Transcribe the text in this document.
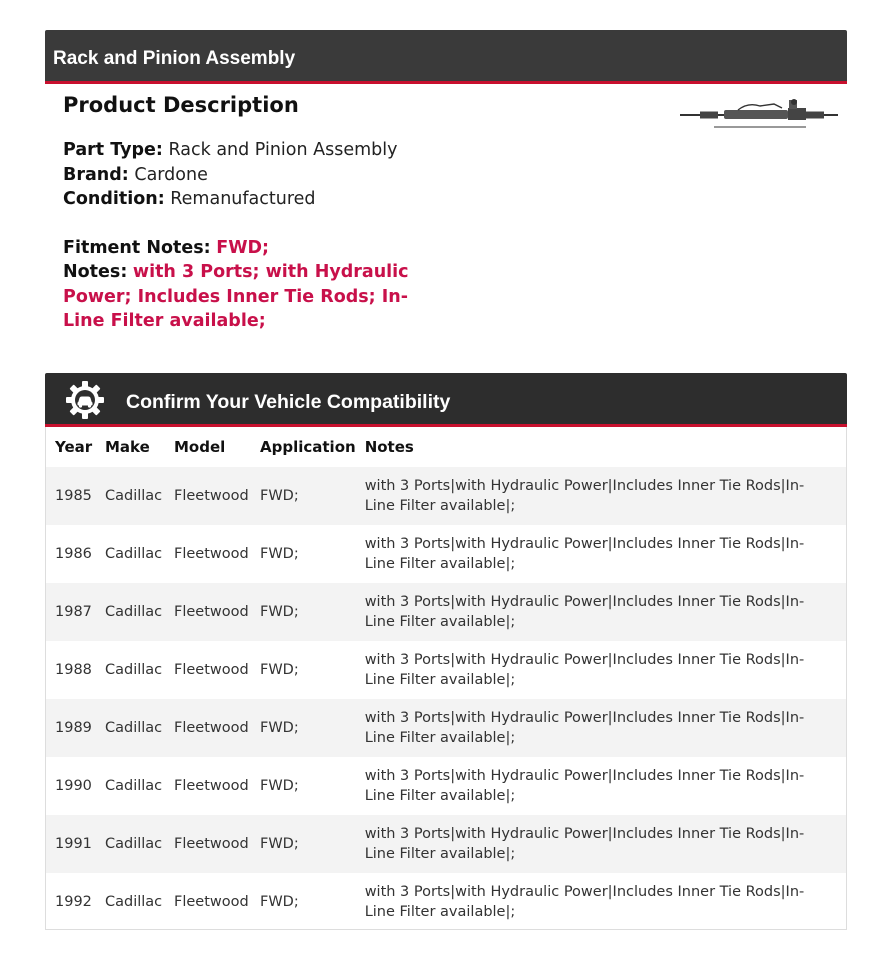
Rack and Pinion Assembly
Product Description
Part Type: Rack and Pinion Assembly
Brand: Cardone
Condition: Remanufactured
Fitment Notes: FWD;
Notes: with 3 Ports; with Hydraulic Power; Includes Inner Tie Rods; In-Line Filter available;
Confirm Your Vehicle Compatibility
Year	Make	Model	Application	Notes
1985	Cadillac	Fleetwood	FWD;	with 3 Ports|with Hydraulic Power|Includes Inner Tie Rods|In-Line Filter available|;
1986	Cadillac	Fleetwood	FWD;	with 3 Ports|with Hydraulic Power|Includes Inner Tie Rods|In-Line Filter available|;
1987	Cadillac	Fleetwood	FWD;	with 3 Ports|with Hydraulic Power|Includes Inner Tie Rods|In-Line Filter available|;
1988	Cadillac	Fleetwood	FWD;	with 3 Ports|with Hydraulic Power|Includes Inner Tie Rods|In-Line Filter available|;
1989	Cadillac	Fleetwood	FWD;	with 3 Ports|with Hydraulic Power|Includes Inner Tie Rods|In-Line Filter available|;
1990	Cadillac	Fleetwood	FWD;	with 3 Ports|with Hydraulic Power|Includes Inner Tie Rods|In-Line Filter available|;
1991	Cadillac	Fleetwood	FWD;	with 3 Ports|with Hydraulic Power|Includes Inner Tie Rods|In-Line Filter available|;
1992	Cadillac	Fleetwood	FWD;	with 3 Ports|with Hydraulic Power|Includes Inner Tie Rods|In-Line Filter available|;
